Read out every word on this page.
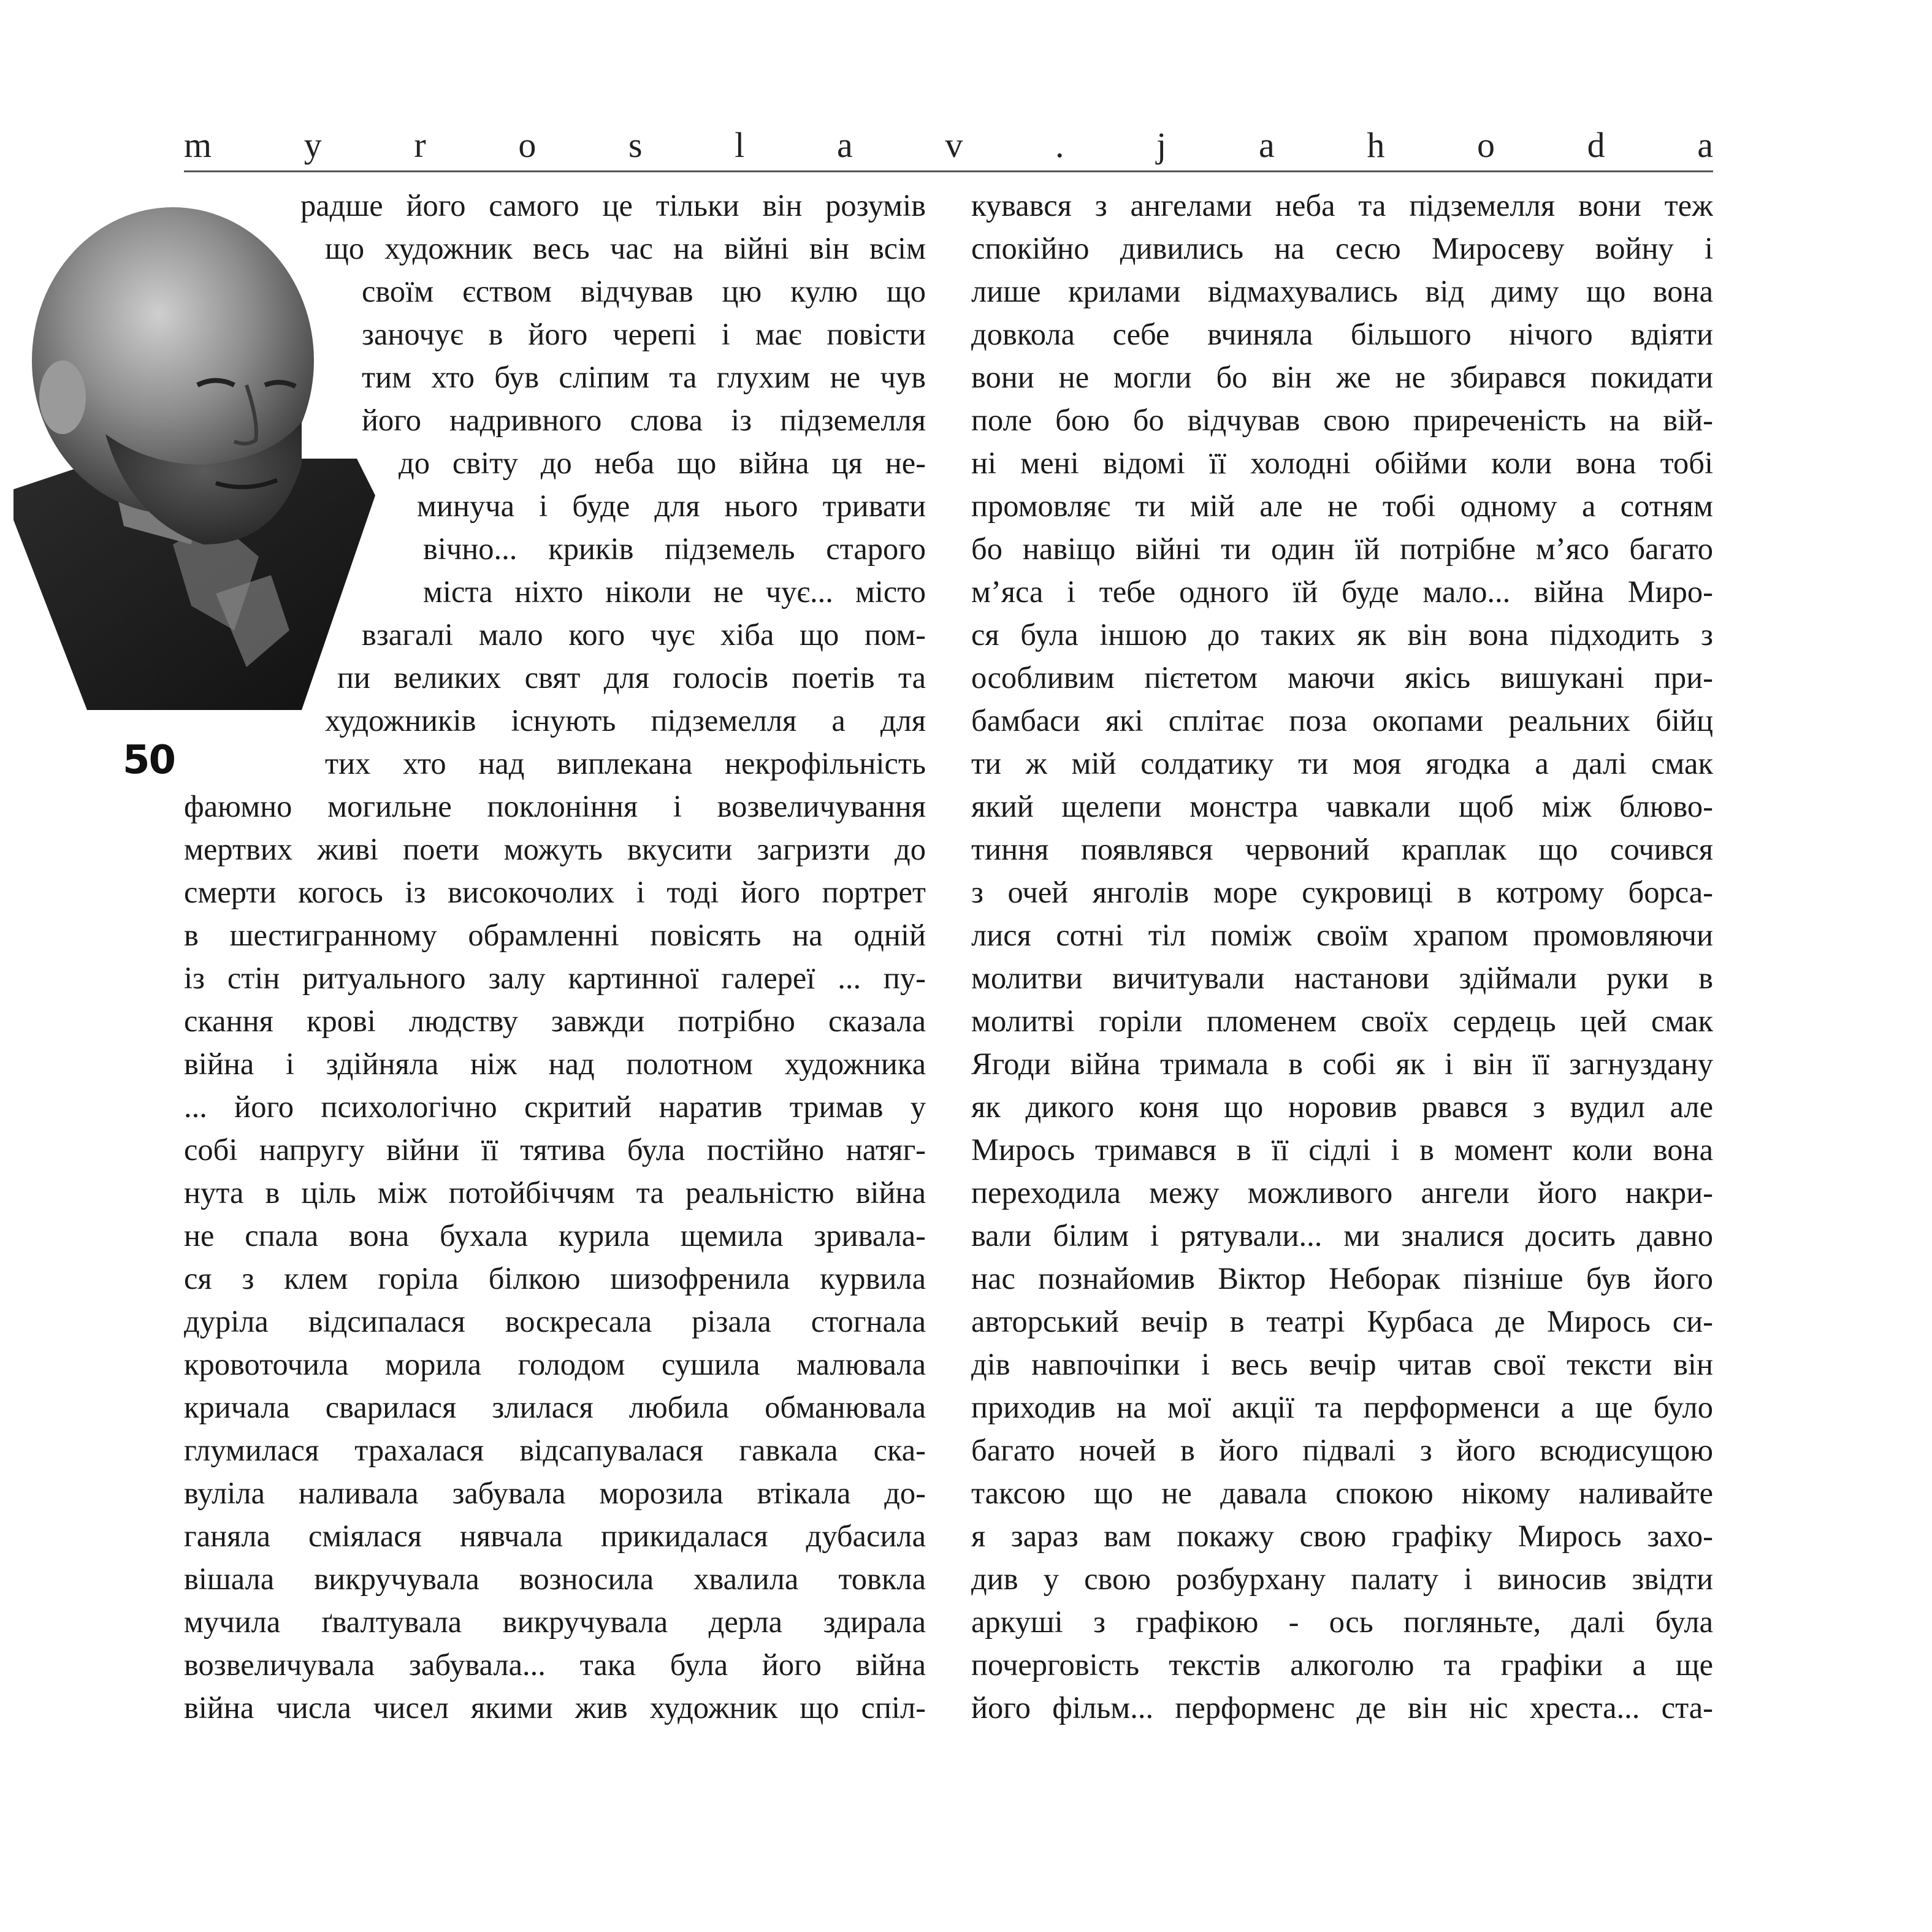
m	y	r	o	s	l	a	v	.	j	a	h	o	d	a
50
радше його самого це тільки він розумів
що художник весь час на війні він всім
своїм єством відчував цю кулю що
заночує в його черепі і має повісти
тим хто був сліпим та глухим не чув
його надривного слова із підземелля
до світу до неба що війна ця не-
минуча і буде для нього тривати
вічно... криків підземель старого
міста ніхто ніколи не чує... місто
взагалі мало кого чує хіба що пом-
пи великих свят для голосів поетів та
художників існують підземелля а для
тих хто над виплекана некрофільність
фаюмно могильне поклоніння і возвеличування
мертвих живі поети можуть вкусити загризти до
смерти когось із високочолих і тоді його портрет
в шестигранному обрамленні повісять на одній
із стін ритуального залу картинної галереї ... пу-
скання крові людству завжди потрібно сказала
війна і здійняла ніж над полотном художника
... його психологічно скритий наратив тримав у
собі напругу війни її тятива була постійно натяг-
нута в ціль між потойбіччям та реальністю війна
не спала вона бухала курила щемила зривала-
ся з клем горіла білкою шизофренила курвила
дуріла відсипалася воскресала різала стогнала
кровоточила морила голодом сушила малювала
кричала сварилася злилася любила обманювала
глумилася трахалася відсапувалася гавкала ска-
вуліла наливала забувала морозила втікала до-
ганяла сміялася нявчала прикидалася дубасила
вішала викручувала возносила хвалила товкла
мучила ґвалтувала викручувала дерла здирала
возвеличувала забувала... така була його війна
війна числа чисел якими жив художник що спіл-
кувався з ангелами неба та підземелля вони теж
спокійно дивились на сесю Миросеву войну і
лише крилами відмахувались від диму що вона
довкола себе вчиняла більшого нічого вдіяти
вони не могли бо він же не збирався покидати
поле бою бо відчував свою приреченість на вій-
ні мені відомі її холодні обійми коли вона тобі
промовляє ти мій але не тобі одному а сотням
бо навіщо війні ти один їй потрібне м’ясо багато
м’яса і тебе одного їй буде мало... війна Миро-
ся була іншою до таких як він вона підходить з
особливим пієтетом маючи якісь вишукані при-
бамбаси які сплітає поза окопами реальних бійц
ти ж мій солдатику ти моя ягодка а далі смак
який щелепи монстра чавкали щоб між блюво-
тиння появлявся червоний краплак що сочився
з очей янголів море сукровиці в котрому борса-
лися сотні тіл поміж своїм храпом промовляючи
молитви вичитували настанови здіймали руки в
молитві горіли пломенем своїх сердець цей смак
Ягоди війна тримала в собі як і він її загнуздану
як дикого коня що норовив рвався з вудил але
Мирось тримався в її сідлі і в момент коли вона
переходила межу можливого ангели його накри-
вали білим і рятували... ми зналися досить давно
нас познайомив Віктор Неборак пізніше був його
авторський вечір в театрі Курбаса де Мирось си-
дів навпочіпки і весь вечір читав свої тексти він
приходив на мої акції та перформенси а ще було
багато ночей в його підвалі з його всюдисущою
таксою що не давала спокою нікому наливайте
я зараз вам покажу свою графіку Мирось захо-
див у свою розбурхану палату і виносив звідти
аркуші з графікою - ось погляньте, далі була
почерговість текстів алкоголю та графіки а ще
його фільм... перформенс де він ніс хреста... ста-
